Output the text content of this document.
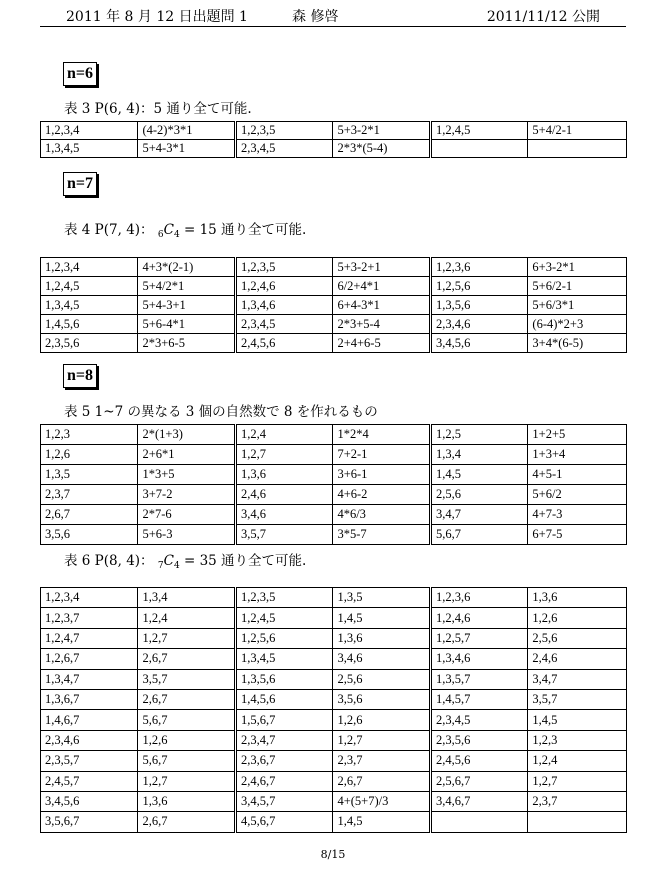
2011 年 8 月 12 日出題問 1	森 修啓	2011/11/12 公開
n=6
表 3 P(6, 4)：5 通り全て可能.
1,2,3,4	(4-2)*3*1	1,2,3,5	5+3-2*1	1,2,4,5	5+4/2-1
1,3,4,5	5+4-3*1	2,3,4,5	2*3*(5-4)		
n=7
表 4 P(7, 4)： $_6C_4 = 15$ 通り全て可能.
1,2,3,4	4+3*(2-1)	1,2,3,5	5+3-2+1	1,2,3,6	6+3-2*1
1,2,4,5	5+4/2*1	1,2,4,6	6/2+4*1	1,2,5,6	5+6/2-1
1,3,4,5	5+4-3+1	1,3,4,6	6+4-3*1	1,3,5,6	5+6/3*1
1,4,5,6	5+6-4*1	2,3,4,5	2*3+5-4	2,3,4,6	(6-4)*2+3
2,3,5,6	2*3+6-5	2,4,5,6	2+4+6-5	3,4,5,6	3+4*(6-5)
n=8
表 5 1~7 の異なる 3 個の自然数で 8 を作れるもの
1,2,3	2*(1+3)	1,2,4	1*2*4	1,2,5	1+2+5
1,2,6	2+6*1	1,2,7	7+2-1	1,3,4	1+3+4
1,3,5	1*3+5	1,3,6	3+6-1	1,4,5	4+5-1
2,3,7	3+7-2	2,4,6	4+6-2	2,5,6	5+6/2
2,6,7	2*7-6	3,4,6	4*6/3	3,4,7	4+7-3
3,5,6	5+6-3	3,5,7	3*5-7	5,6,7	6+7-5
表 6 P(8, 4)： $_7C_4 = 35$ 通り全て可能.
1,2,3,4	1,3,4	1,2,3,5	1,3,5	1,2,3,6	1,3,6
1,2,3,7	1,2,4	1,2,4,5	1,4,5	1,2,4,6	1,2,6
1,2,4,7	1,2,7	1,2,5,6	1,3,6	1,2,5,7	2,5,6
1,2,6,7	2,6,7	1,3,4,5	3,4,6	1,3,4,6	2,4,6
1,3,4,7	3,5,7	1,3,5,6	2,5,6	1,3,5,7	3,4,7
1,3,6,7	2,6,7	1,4,5,6	3,5,6	1,4,5,7	3,5,7
1,4,6,7	5,6,7	1,5,6,7	1,2,6	2,3,4,5	1,4,5
2,3,4,6	1,2,6	2,3,4,7	1,2,7	2,3,5,6	1,2,3
2,3,5,7	5,6,7	2,3,6,7	2,3,7	2,4,5,6	1,2,4
2,4,5,7	1,2,7	2,4,6,7	2,6,7	2,5,6,7	1,2,7
3,4,5,6	1,3,6	3,4,5,7	4+(5+7)/3	3,4,6,7	2,3,7
3,5,6,7	2,6,7	4,5,6,7	1,4,5		
8/15
